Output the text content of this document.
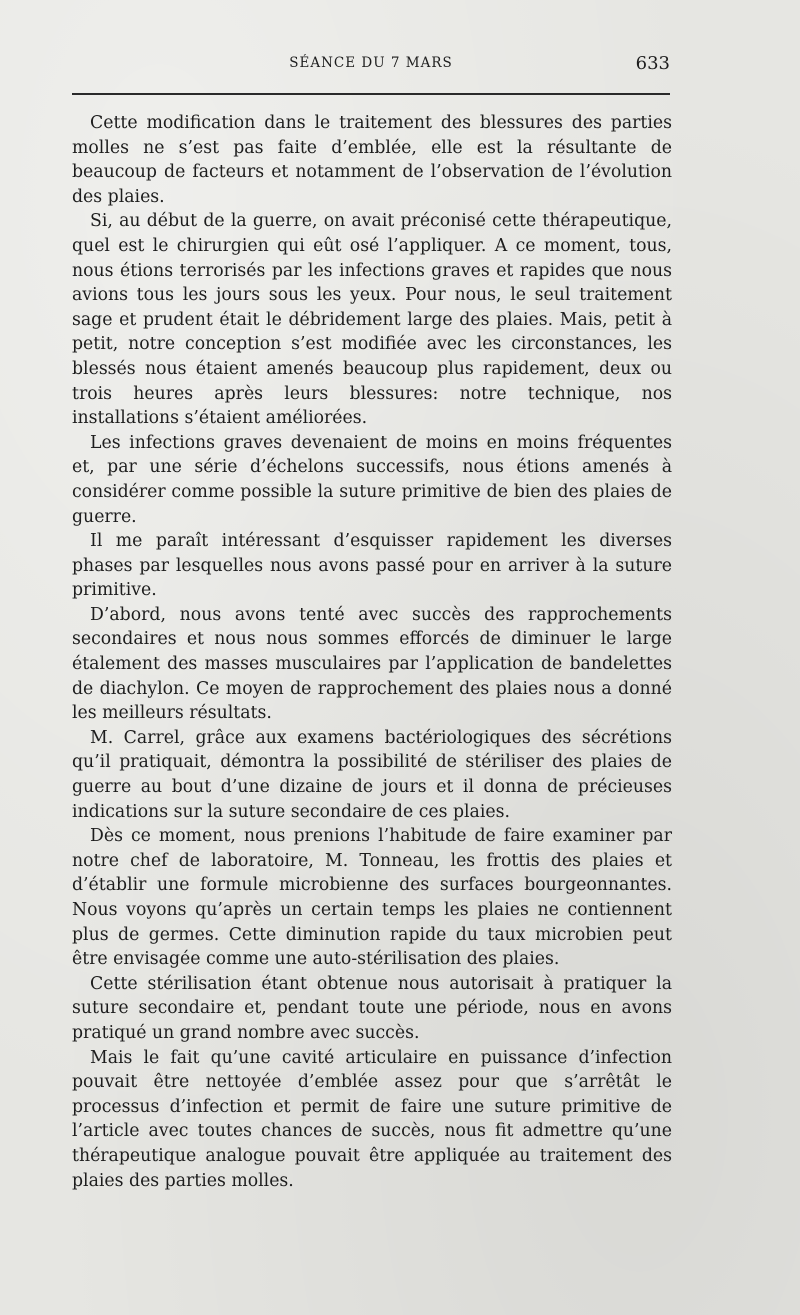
SÉANCE DU 7 MARS	633

Cette modification dans le traitement des blessures des parties molles ne s’est pas faite d’emblée, elle est la résultante de beaucoup de facteurs et notamment de l’observation de l’évolution des plaies.

Si, au début de la guerre, on avait préconisé cette thérapeutique, quel est le chirurgien qui eût osé l’appliquer. A ce moment, tous, nous étions terrorisés par les infections graves et rapides que nous avions tous les jours sous les yeux. Pour nous, le seul traitement sage et prudent était le débridement large des plaies. Mais, petit à petit, notre conception s’est modifiée avec les circonstances, les blessés nous étaient amenés beaucoup plus rapidement, deux ou trois heures après leurs blessures: notre technique, nos installations s’étaient améliorées.

Les infections graves devenaient de moins en moins fréquentes et, par une série d’échelons successifs, nous étions amenés à considérer comme possible la suture primitive de bien des plaies de guerre.

Il me paraît intéressant d’esquisser rapidement les diverses phases par lesquelles nous avons passé pour en arriver à la suture primitive.

D’abord, nous avons tenté avec succès des rapprochements secondaires et nous nous sommes efforcés de diminuer le large étalement des masses musculaires par l’application de bandelettes de diachylon. Ce moyen de rapprochement des plaies nous a donné les meilleurs résultats.

M. Carrel, grâce aux examens bactériologiques des sécrétions qu’il pratiquait, démontra la possibilité de stériliser des plaies de guerre au bout d’une dizaine de jours et il donna de précieuses indications sur la suture secondaire de ces plaies.

Dès ce moment, nous prenions l’habitude de faire examiner par notre chef de laboratoire, M. Tonneau, les frottis des plaies et d’établir une formule microbienne des surfaces bourgeonnantes. Nous voyons qu’après un certain temps les plaies ne contiennent plus de germes. Cette diminution rapide du taux microbien peut être envisagée comme une auto-stérilisation des plaies.

Cette stérilisation étant obtenue nous autorisait à pratiquer la suture secondaire et, pendant toute une période, nous en avons pratiqué un grand nombre avec succès.

Mais le fait qu’une cavité articulaire en puissance d’infection pouvait être nettoyée d’emblée assez pour que s’arrêtât le processus d’infection et permit de faire une suture primitive de l’article avec toutes chances de succès, nous fit admettre qu’une thérapeutique analogue pouvait être appliquée au traitement des plaies des parties molles.
